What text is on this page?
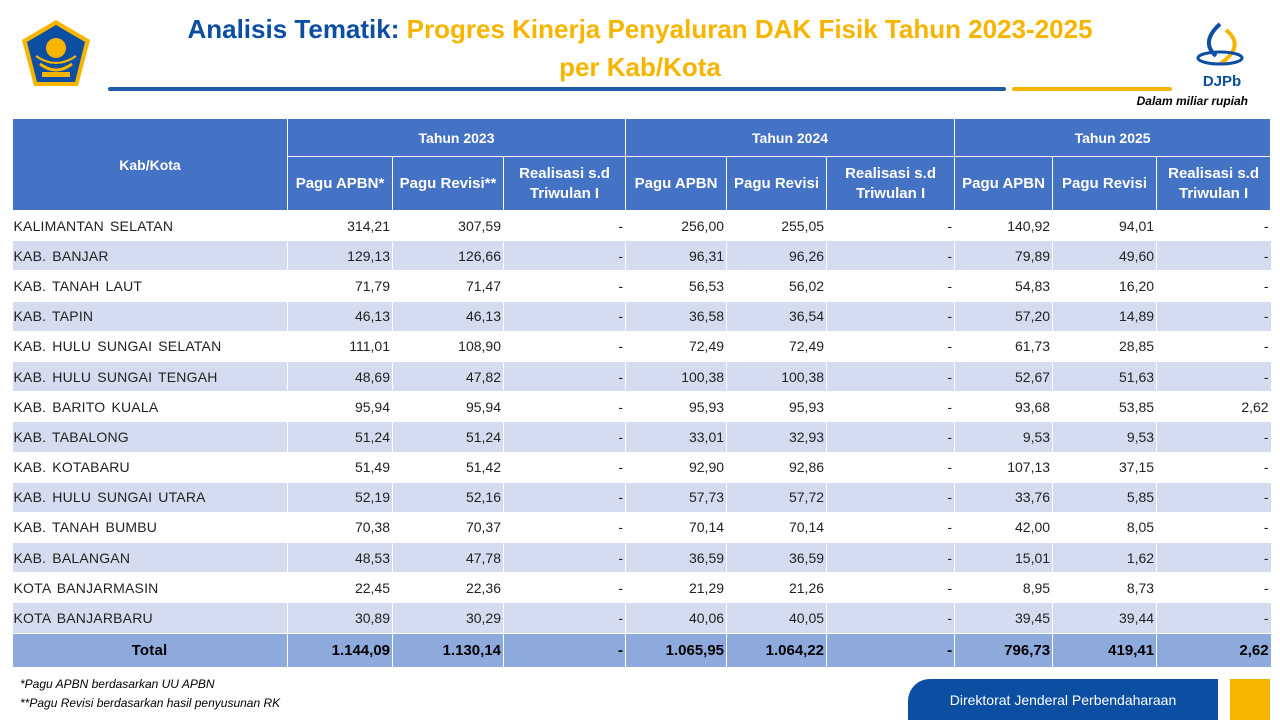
Analisis Tematik: Progres Kinerja Penyaluran DAK Fisik Tahun 2023-2025
per Kab/Kota	DJPb
Dalam miliar rupiah
Kab/Kota	Tahun 2023			Tahun 2024			Tahun 2025		
	Pagu APBN*	Pagu Revisi**	Realisasi s.d Triwulan I	Pagu APBN	Pagu Revisi	Realisasi s.d Triwulan I	Pagu APBN	Pagu Revisi	Realisasi s.d Triwulan I
KALIMANTAN SELATAN	314,21	307,59	-	256,00	255,05	-	140,92	94,01	-
KAB. BANJAR	129,13	126,66	-	96,31	96,26	-	79,89	49,60	-
KAB. TANAH LAUT	71,79	71,47	-	56,53	56,02	-	54,83	16,20	-
KAB. TAPIN	46,13	46,13	-	36,58	36,54	-	57,20	14,89	-
KAB. HULU SUNGAI SELATAN	111,01	108,90	-	72,49	72,49	-	61,73	28,85	-
KAB. HULU SUNGAI TENGAH	48,69	47,82	-	100,38	100,38	-	52,67	51,63	-
KAB. BARITO KUALA	95,94	95,94	-	95,93	95,93	-	93,68	53,85	2,62
KAB. TABALONG	51,24	51,24	-	33,01	32,93	-	9,53	9,53	-
KAB. KOTABARU	51,49	51,42	-	92,90	92,86	-	107,13	37,15	-
KAB. HULU SUNGAI UTARA	52,19	52,16	-	57,73	57,72	-	33,76	5,85	-
KAB. TANAH BUMBU	70,38	70,37	-	70,14	70,14	-	42,00	8,05	-
KAB. BALANGAN	48,53	47,78	-	36,59	36,59	-	15,01	1,62	-
KOTA BANJARMASIN	22,45	22,36	-	21,29	21,26	-	8,95	8,73	-
KOTA BANJARBARU	30,89	30,29	-	40,06	40,05	-	39,45	39,44	-
Total	1.144,09	1.130,14	-	1.065,95	1.064,22	-	796,73	419,41	2,62
*Pagu APBN berdasarkan UU APBN
**Pagu Revisi berdasarkan hasil penyusunan RK	Direktorat Jenderal Perbendaharaan
